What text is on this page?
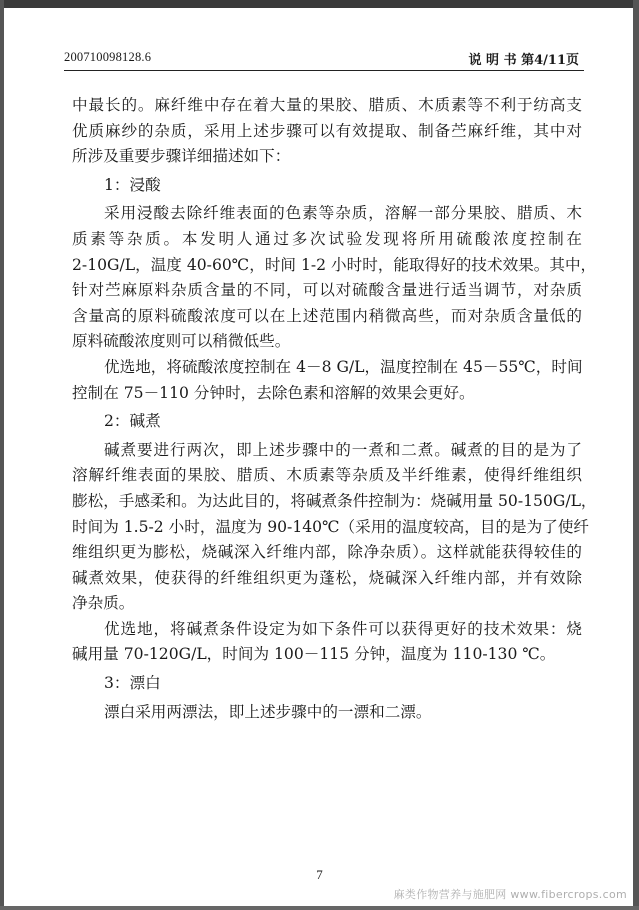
200710098128.6	说 明 书 第4/11页
中最长的。麻纤维中存在着大量的果胶、腊质、木质素等不利于纺高支
优质麻纱的杂质，采用上述步骤可以有效提取、制备苎麻纤维，其中对
所涉及重要步骤详细描述如下：
1：浸酸
采用浸酸去除纤维表面的色素等杂质，溶解一部分果胶、腊质、木
质素等杂质。本发明人通过多次试验发现将所用硫酸浓度控制在
2-10G/L，温度 40-60℃，时间 1-2 小时时，能取得好的技术效果。其中，
针对苎麻原料杂质含量的不同，可以对硫酸含量进行适当调节，对杂质
含量高的原料硫酸浓度可以在上述范围内稍微高些，而对杂质含量低的
原料硫酸浓度则可以稍微低些。
优选地，将硫酸浓度控制在 4－8 G/L，温度控制在 45－55℃，时间
控制在 75－110 分钟时，去除色素和溶解的效果会更好。
2：碱煮
碱煮要进行两次，即上述步骤中的一煮和二煮。碱煮的目的是为了
溶解纤维表面的果胶、腊质、木质素等杂质及半纤维素，使得纤维组织
膨松，手感柔和。为达此目的，将碱煮条件控制为：烧碱用量 50-150G/L，
时间为 1.5-2 小时，温度为 90-140℃（采用的温度较高，目的是为了使纤
维组织更为膨松，烧碱深入纤维内部，除净杂质）。这样就能获得较佳的
碱煮效果，使获得的纤维组织更为蓬松，烧碱深入纤维内部，并有效除
净杂质。
优选地，将碱煮条件设定为如下条件可以获得更好的技术效果：烧
碱用量 70-120G/L，时间为 100－115 分钟，温度为 110-130 ℃。
3：漂白
漂白采用两漂法，即上述步骤中的一漂和二漂。
7
麻类作物营养与施肥网 www.fibercrops.com
